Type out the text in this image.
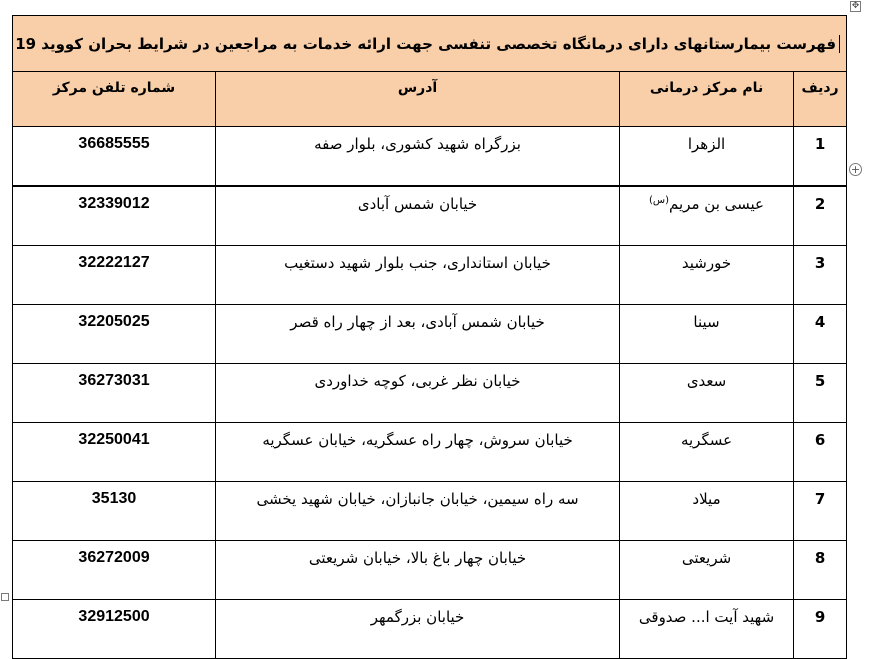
✥
+
فهرست بیمارستانهای دارای درمانگاه تخصصی تنفسی جهت ارائه خدمات به مراجعین در شرایط بحران کووید 19			
ردیف	نام مرکز درمانی	آدرس	شماره تلفن مرکز
1	الزهرا	بزرگراه شهید کشوری، بلوار صفه	36685555
2	عیسی بن مریم$^{(س)}$	خیابان شمس آبادی	32339012
3	خورشید	خیابان استانداری، جنب بلوار شهید دستغیب	32222127
4	سینا	خیابان شمس آبادی، بعد از چهار راه قصر	32205025
5	سعدی	خیابان نظر غربی، کوچه خداوردی	36273031
6	عسگریه	خیابان سروش، چهار راه عسگریه، خیابان عسگریه	32250041
7	میلاد	سه راه سیمین، خیابان جانبازان، خیابان شهید یخشی	35130
8	شریعتی	خیابان چهار باغ بالا، خیابان شریعتی	36272009
9	شهید آیت ا... صدوقی	خیابان بزرگمهر	32912500
